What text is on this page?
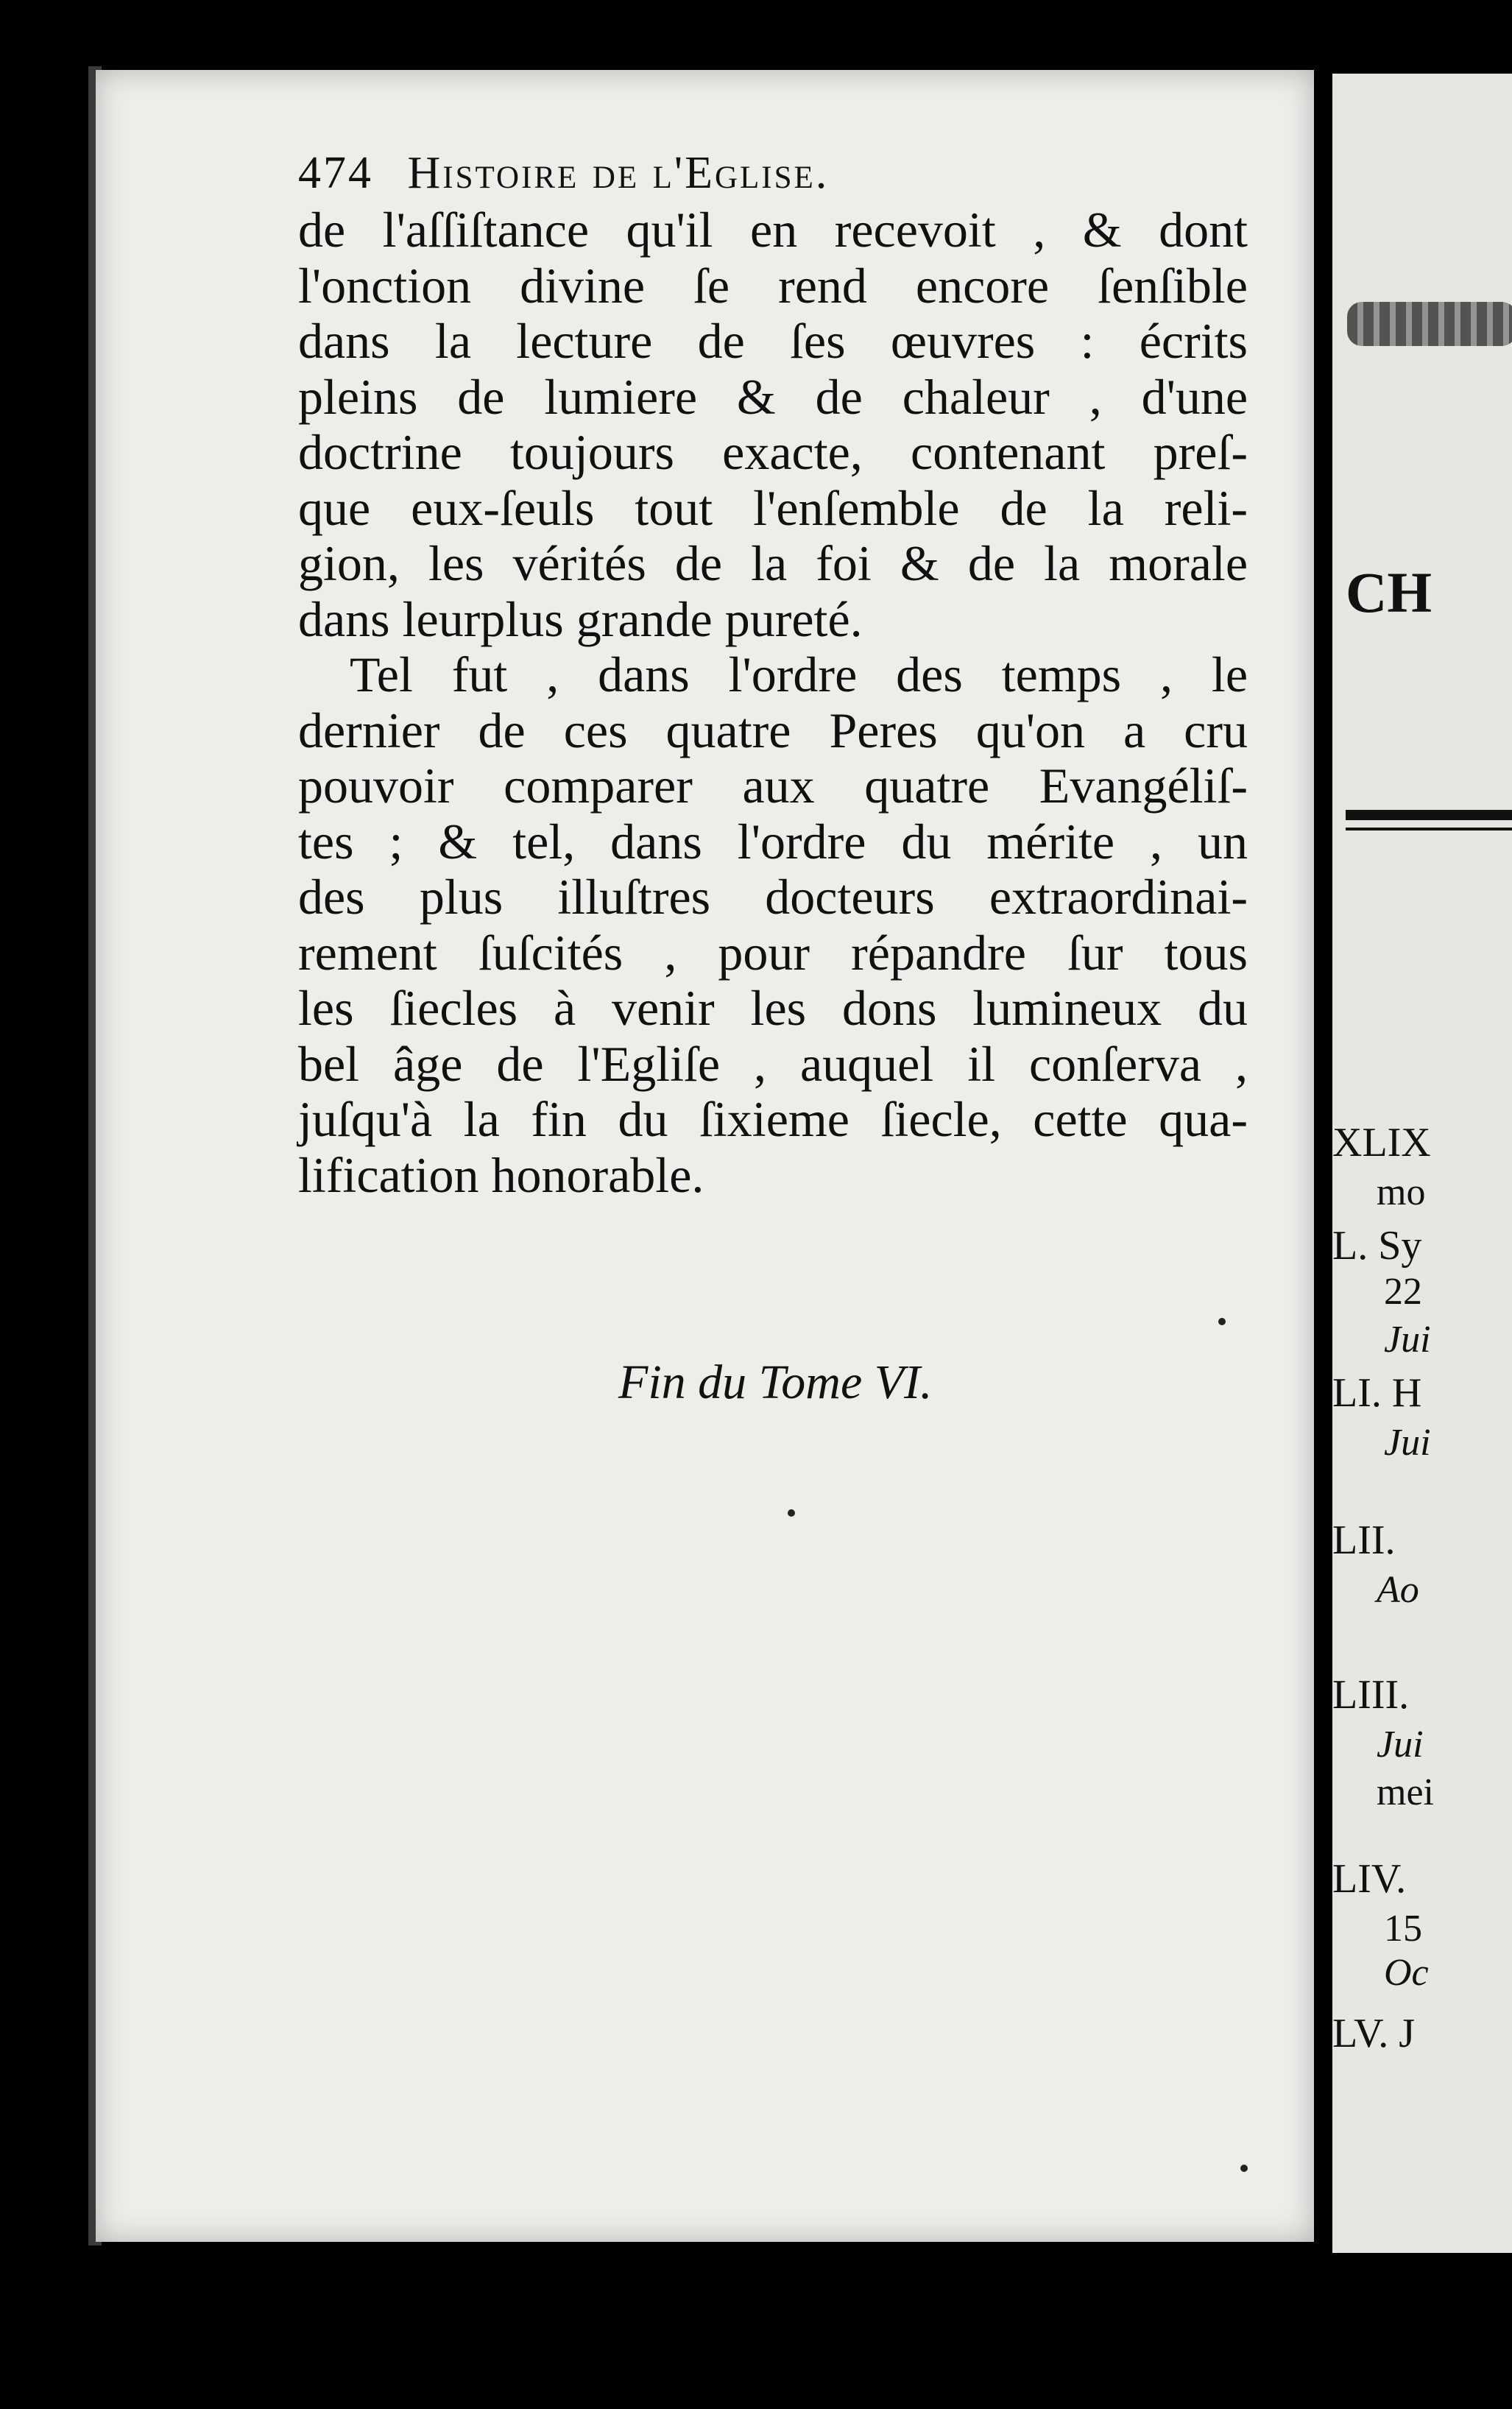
474 Histoire de l'Eglise.
de l'aſſiſtance qu'il en recevoit , & dont
l'onction divine ſe rend encore ſenſible
dans la lecture de ſes œuvres : écrits
pleins de lumiere & de chaleur , d'une
doctrine toujours exacte, contenant preſ-
que eux-ſeuls tout l'enſemble de la reli-
gion, les vérités de la foi & de la morale
dans leurplus grande pureté.
Tel fut , dans l'ordre des temps , le
dernier de ces quatre Peres qu'on a cru
pouvoir comparer aux quatre Evangéliſ-
tes ; & tel, dans l'ordre du mérite , un
des plus illuſtres docteurs extraordinai-
rement ſuſcités , pour répandre ſur tous
les ſiecles à venir les dons lumineux du
bel âge de l'Egliſe , auquel il conſerva ,
juſqu'à la fin du ſixieme ſiecle, cette qua-
lification honorable.
Fin du Tome VI.
CH
XLIX
mo
L. Sy
22
Jui
LI. H
Jui
LII.
Ao
LIII.
Jui
mei
LIV.
15
Oc
LV. J
